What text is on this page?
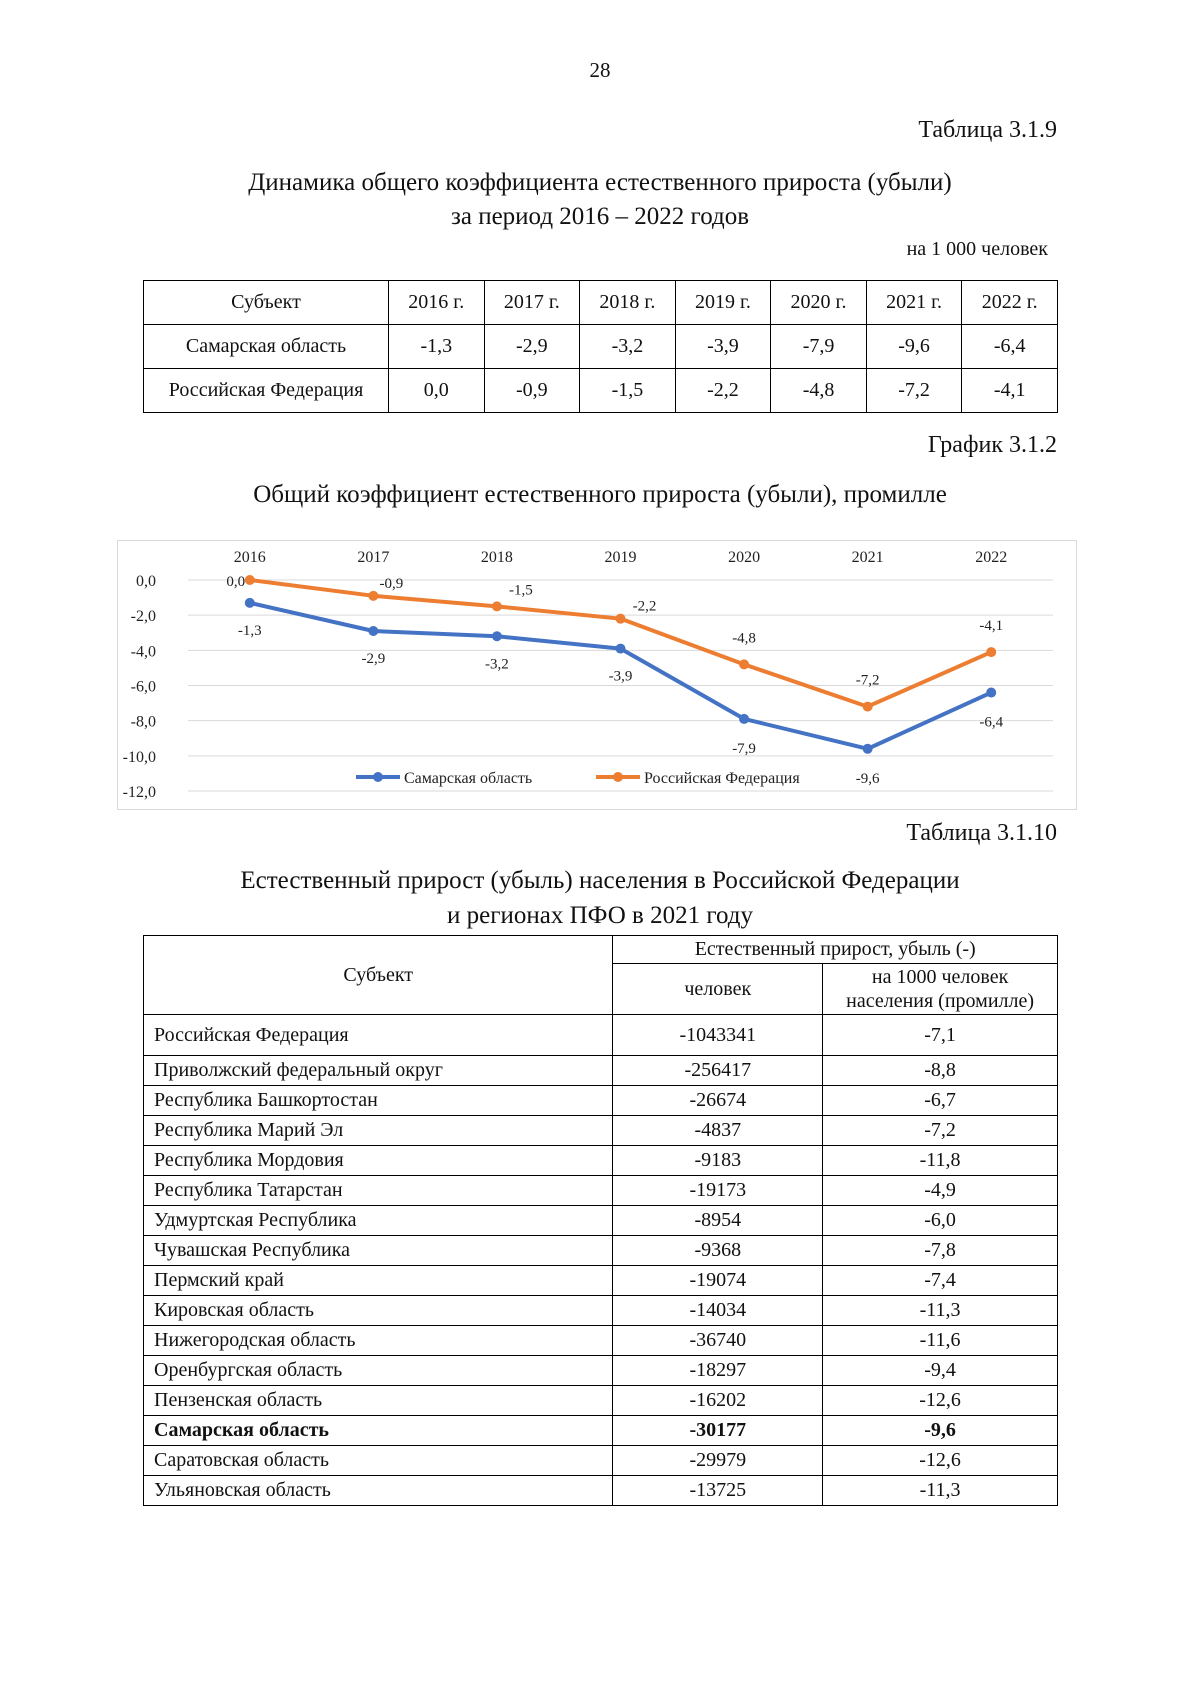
28
Таблица 3.1.9
Динамика общего коэффициента естественного прироста (убыли)
за период 2016 – 2022 годов
на 1 000 человек
Субъект	2016 г.	2017 г.	2018 г.	2019 г.	2020 г.	2021 г.	2022 г.
Самарская область	-1,3	-2,9	-3,2	-3,9	-7,9	-9,6	-6,4
Российская Федерация	0,0	-0,9	-1,5	-2,2	-4,8	-7,2	-4,1
График 3.1.2
Общий коэффициент естественного прироста (убыли), промилле
0,0
-2,0
-4,0
-6,0
-8,0
-10,0
-12,0
2016	2017	2018	2019	2020	2021	2022
-1,3
-2,9	-3,2
-3,9
-7,9
-9,6
-6,4
0,0	-0,9	-1,5
-2,2
-4,8
-7,2
-4,1
Самарская область	Российская Федерация
Таблица 3.1.10
Естественный прирост (убыль) населения в Российской Федерации
и регионах ПФО в 2021 году
Субъект	Естественный прирост, убыль (-)	
	человек	на 1000 человек населения (промилле)
Российская Федерация	-1043341	-7,1
Приволжский федеральный округ	-256417	-8,8
Республика Башкортостан	-26674	-6,7
Республика Марий Эл	-4837	-7,2
Республика Мордовия	-9183	-11,8
Республика Татарстан	-19173	-4,9
Удмуртская Республика	-8954	-6,0
Чувашская Республика	-9368	-7,8
Пермский край	-19074	-7,4
Кировская область	-14034	-11,3
Нижегородская область	-36740	-11,6
Оренбургская область	-18297	-9,4
Пензенская область	-16202	-12,6
Самарская область	-30177	-9,6
Саратовская область	-29979	-12,6
Ульяновская область	-13725	-11,3
